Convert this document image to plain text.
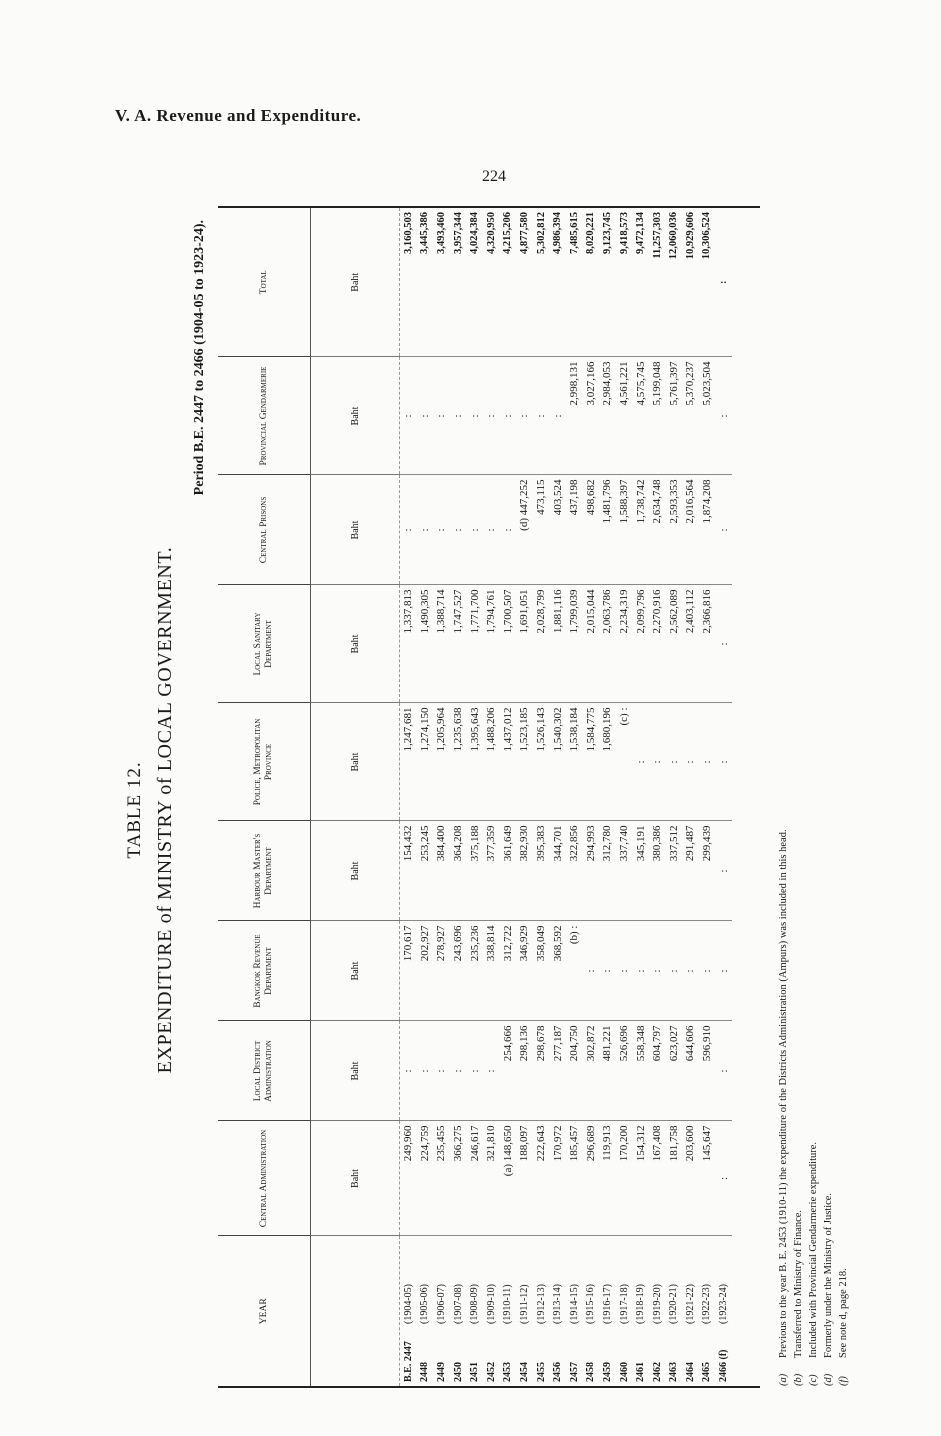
V. A. Revenue and Expenditure.
224
TABLE 12. EXPENDITURE of MINISTRY of LOCAL GOVERNMENT.
Period B.E. 2447 to 2466 (1904-05 to 1923-24).
YEAR	Central Administration	Local District Administration	Bangkok Revenue Department	Harbour Master's Department	Police, Metropolitan Province	Local Sanitary Department	Central Prisons	Provincial Gendarmerie	Total
	Baht	Baht	Baht	Baht	Baht	Baht	Baht	Baht	Baht
B.E. 2447(1904-05)	249,960	:	170,617	154,432	1,247,681	1,337,813	:	:	3,160,503
2448(1905-06)	224,759	:	202,927	253,245	1,274,150	1,490,305	:	:	3,445,386
2449(1906-07)	235,455	:	278,927	384,400	1,205,964	1,388,714	:	:	3,493,460
2450(1907-08)	366,275	:	243,696	364,208	1,235,638	1,747,527	:	:	3,957,344
2451(1908-09)	246,617	:	235,236	375,188	1,395,643	1,771,700	:	:	4,024,384
2452(1909-10)	321,810	:	338,814	377,359	1,488,206	1,794,761	:	:	4,320,950
2453(1910-11)	(a) 148,650	254,666	312,722	361,649	1,437,012	1,700,507	:	:	4,215,206
2454(1911-12)	188,097	298,136	346,929	382,930	1,523,185	1,691,051	(d) 447,252	:	4,877,580
2455(1912-13)	222,643	298,678	358,049	395,383	1,526,143	2,028,799	473,115	:	5,302,812
2456(1913-14)	170,972	277,187	368,592	344,701	1,540,302	1,881,116	403,524	:	4,986,394
2457(1914-15)	185,457	204,750	(b) :	322,856	1,538,184	1,799,039	437,198	2,998,131	7,485,615
2458(1915-16)	296,689	302,872	:	294,993	1,584,775	2,015,044	498,682	3,027,166	8,020,221
2459(1916-17)	119,913	481,221	:	312,780	1,680,196	2,063,786	1,481,796	2,984,053	9,123,745
2460(1917-18)	170,200	526,696	:	337,740	(c) :	2,234,319	1,588,397	4,561,221	9,418,573
2461(1918-19)	154,312	558,348	:	345,191	:	2,099,796	1,738,742	4,575,745	9,472,134
2462(1919-20)	167,408	604,797	:	380,386	:	2,270,916	2,634,748	5,199,048	11,257,303
2463(1920-21)	181,758	623,027	:	337,512	:	2,562,089	2,593,353	5,761,397	12,060,036
2464(1921-22)	203,600	644,606	:	291,487	:	2,403,112	2,016,564	5,370,237	10,929,606
2465(1922-23)	145,647	596,910	:	299,439	:	2,366,816	1,874,208	5,023,504	10,306,524
2466 (f)(1923-24)	:	:	:	:	:	:	:	:	:
(a)Previous to the year B. E. 2453 (1910-11) the expenditure of the Districts Administration (Ampurs) was included in this head.
(b)Transferred to Ministry of Finance.
(c)Included with Provincial Gendarmerie expenditure.
(d)Formerly under the Ministry of Justice.
(f)See note d, page 218.
